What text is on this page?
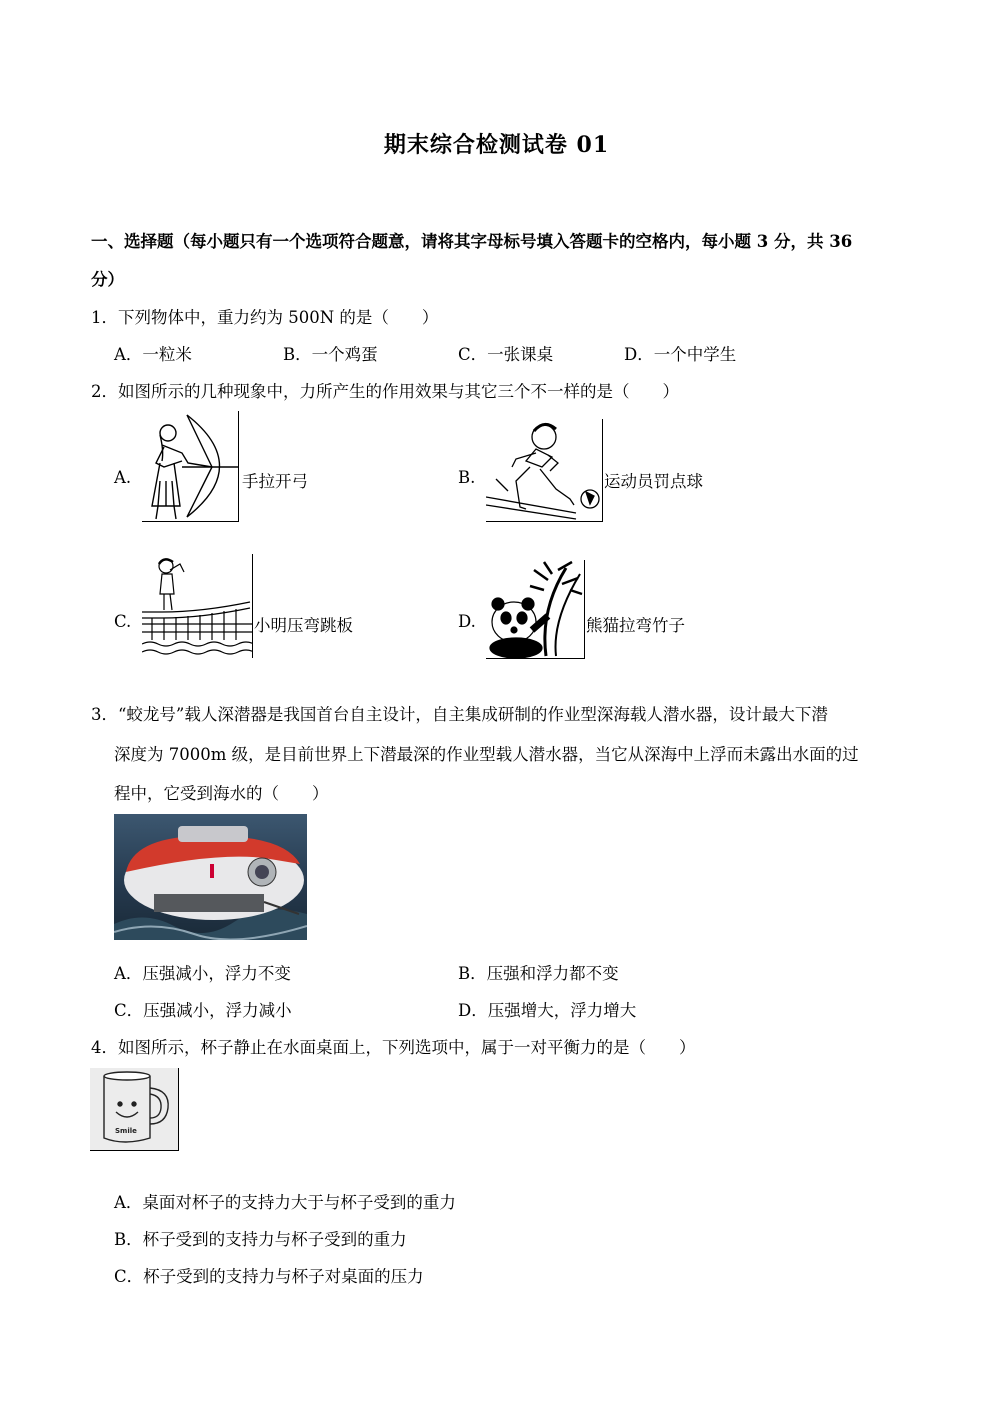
期末综合检测试卷 01
一、选择题（每小题只有一个选项符合题意，请将其字母标号填入答题卡的空格内，每小题 3 分，共 36
分）
1．下列物体中，重力约为 500N 的是（　　）
A．一粒米	B．一个鸡蛋	C．一张课桌	D．一个中学生
2．如图所示的几种现象中，力所产生的作用效果与其它三个不一样的是（　　）
A.	手拉开弓	B.	运动员罚点球
C.	小明压弯跳板	D.	熊猫拉弯竹子
3．“蛟龙号”载人深潜器是我国首台自主设计，自主集成研制的作业型深海载人潜水器，设计最大下潜
深度为 7000m 级，是目前世界上下潜最深的作业型载人潜水器，当它从深海中上浮而未露出水面的过
程中，它受到海水的（　　）
A．压强减小，浮力不变	B．压强和浮力都不变
C．压强减小，浮力减小	D．压强增大，浮力增大
4．如图所示，杯子静止在水面桌面上，下列选项中，属于一对平衡力的是（　　）
Smile
A．桌面对杯子的支持力大于与杯子受到的重力
B．杯子受到的支持力与杯子受到的重力
C．杯子受到的支持力与杯子对桌面的压力
